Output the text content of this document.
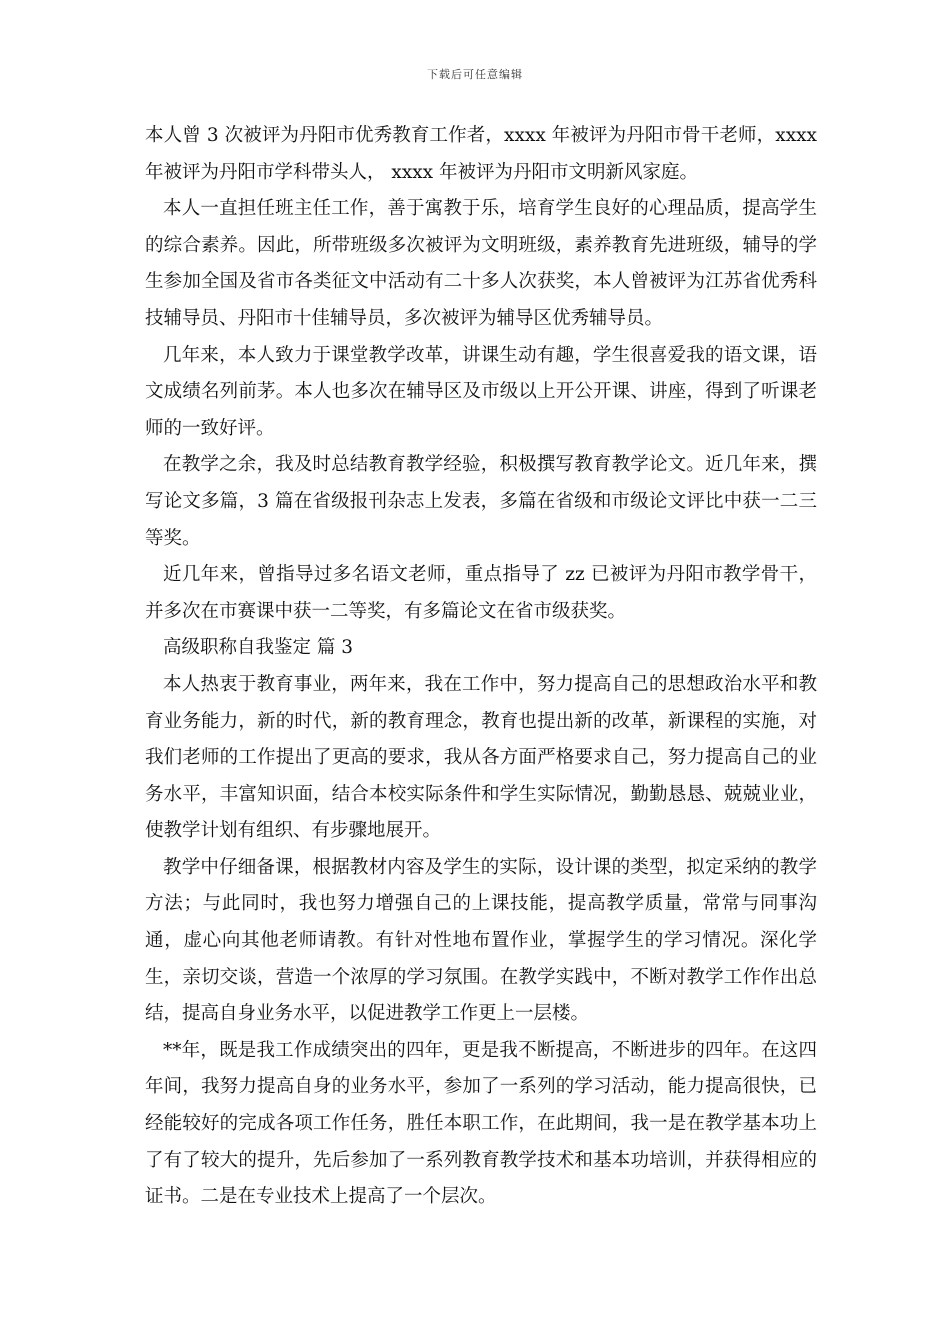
下载后可任意编辑

本人曾 3 次被评为丹阳市优秀教育工作者，xxxx 年被评为丹阳市骨干老师，xxxx 年被评为丹阳市学科带头人， xxxx 年被评为丹阳市文明新风家庭。

本人一直担任班主任工作，善于寓教于乐，培育学生良好的心理品质，提高学生的综合素养。因此，所带班级多次被评为文明班级，素养教育先进班级，辅导的学生参加全国及省市各类征文中活动有二十多人次获奖，本人曾被评为江苏省优秀科技辅导员、丹阳市十佳辅导员，多次被评为辅导区优秀辅导员。

几年来，本人致力于课堂教学改革，讲课生动有趣，学生很喜爱我的语文课，语文成绩名列前茅。本人也多次在辅导区及市级以上开公开课、讲座，得到了听课老师的一致好评。

在教学之余，我及时总结教育教学经验，积极撰写教育教学论文。近几年来，撰写论文多篇，3 篇在省级报刊杂志上发表，多篇在省级和市级论文评比中获一二三等奖。

近几年来，曾指导过多名语文老师，重点指导了 zz 已被评为丹阳市教学骨干，并多次在市赛课中获一二等奖，有多篇论文在省市级获奖。

高级职称自我鉴定 篇 3

本人热衷于教育事业，两年来，我在工作中，努力提高自己的思想政治水平和教育业务能力，新的时代，新的教育理念，教育也提出新的改革，新课程的实施，对我们老师的工作提出了更高的要求，我从各方面严格要求自己，努力提高自己的业务水平，丰富知识面，结合本校实际条件和学生实际情况，勤勤恳恳、兢兢业业，使教学计划有组织、有步骤地展开。

教学中仔细备课，根据教材内容及学生的实际，设计课的类型，拟定采纳的教学方法；与此同时，我也努力增强自己的上课技能，提高教学质量，常常与同事沟通，虚心向其他老师请教。有针对性地布置作业，掌握学生的学习情况。深化学生，亲切交谈，营造一个浓厚的学习氛围。在教学实践中，不断对教学工作作出总结，提高自身业务水平，以促进教学工作更上一层楼。

**年，既是我工作成绩突出的四年，更是我不断提高，不断进步的四年。在这四年间，我努力提高自身的业务水平，参加了一系列的学习活动，能力提高很快，已经能较好的完成各项工作任务，胜任本职工作，在此期间，我一是在教学基本功上了有了较大的提升，先后参加了一系列教育教学技术和基本功培训，并获得相应的证书。二是在专业技术上提高了一个层次。
